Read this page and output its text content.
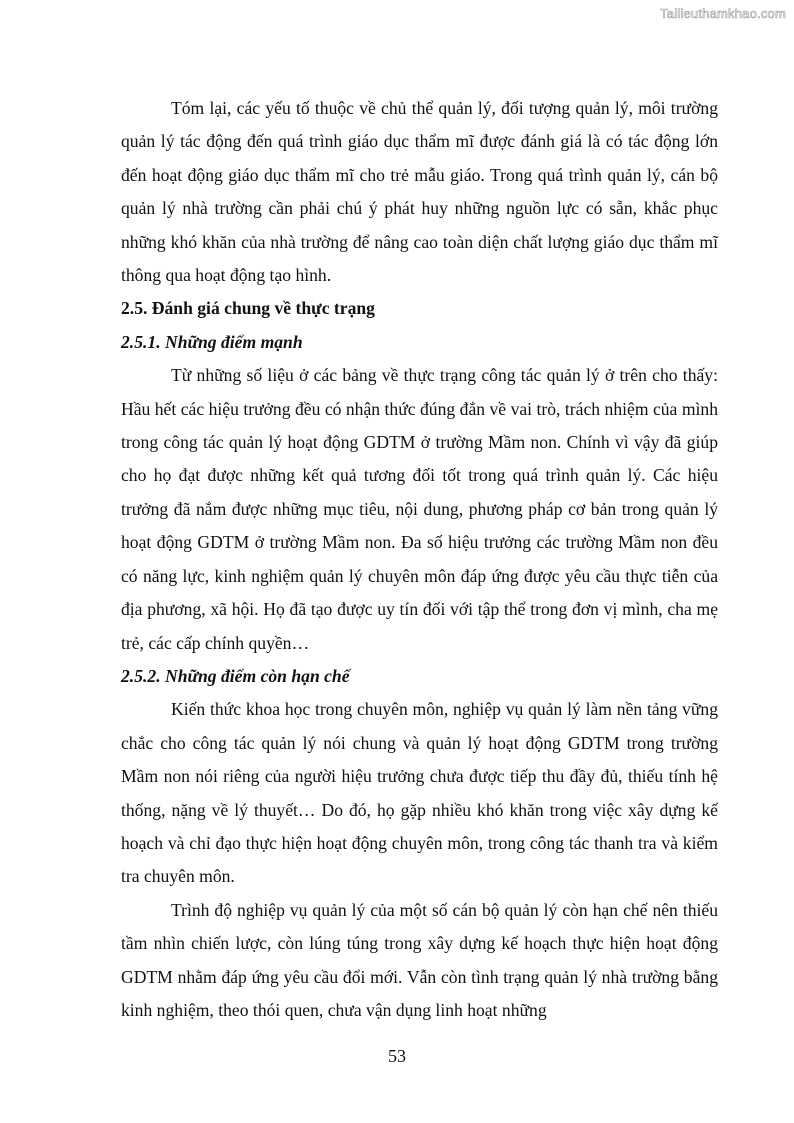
Tailieuthamkhao.com

Tóm lại, các yếu tố thuộc về chủ thể quản lý, đối tượng quản lý, môi trường quản lý tác động đến quá trình giáo dục thẩm mĩ được đánh giá là có tác động lớn đến hoạt động giáo dục thẩm mĩ cho trẻ mẫu giáo. Trong quá trình quản lý, cán bộ quản lý nhà trường cần phải chú ý phát huy những nguồn lực có sẵn, khắc phục những khó khăn của nhà trường để nâng cao toàn diện chất lượng giáo dục thẩm mĩ thông qua hoạt động tạo hình.

2.5. Đánh giá chung về thực trạng

2.5.1. Những điểm mạnh

Từ những số liệu ở các bảng về thực trạng công tác quản lý ở trên cho thấy: Hầu hết các hiệu trưởng đều có nhận thức đúng đắn về vai trò, trách nhiệm của mình trong công tác quản lý hoạt động GDTM ở trường Mầm non. Chính vì vậy đã giúp cho họ đạt được những kết quả tương đối tốt trong quá trình quản lý. Các hiệu trưởng đã nắm được những mục tiêu, nội dung, phương pháp cơ bản trong quản lý hoạt động GDTM ở trường Mầm non. Đa số hiệu trưởng các trường Mầm non đều có năng lực, kinh nghiệm quản lý chuyên môn đáp ứng được yêu cầu thực tiễn của địa phương, xã hội. Họ đã tạo được uy tín đối với tập thể trong đơn vị mình, cha mẹ trẻ, các cấp chính quyền…

2.5.2. Những điểm còn hạn chế

Kiến thức khoa học trong chuyên môn, nghiệp vụ quản lý làm nền tảng vững chắc cho công tác quản lý nói chung và quản lý hoạt động GDTM trong trường Mầm non nói riêng của người hiệu trưởng chưa được tiếp thu đầy đủ, thiếu tính hệ thống, nặng về lý thuyết… Do đó, họ gặp nhiều khó khăn trong việc xây dựng kế hoạch và chỉ đạo thực hiện hoạt động chuyên môn, trong công tác thanh tra và kiểm tra chuyên môn.

Trình độ nghiệp vụ quản lý của một số cán bộ quản lý còn hạn chế nên thiếu tầm nhìn chiến lược, còn lúng túng trong xây dựng kế hoạch thực hiện hoạt động GDTM nhằm đáp ứng yêu cầu đổi mới. Vẫn còn tình trạng quản lý nhà trường bằng kinh nghiệm, theo thói quen, chưa vận dụng linh hoạt những

53
